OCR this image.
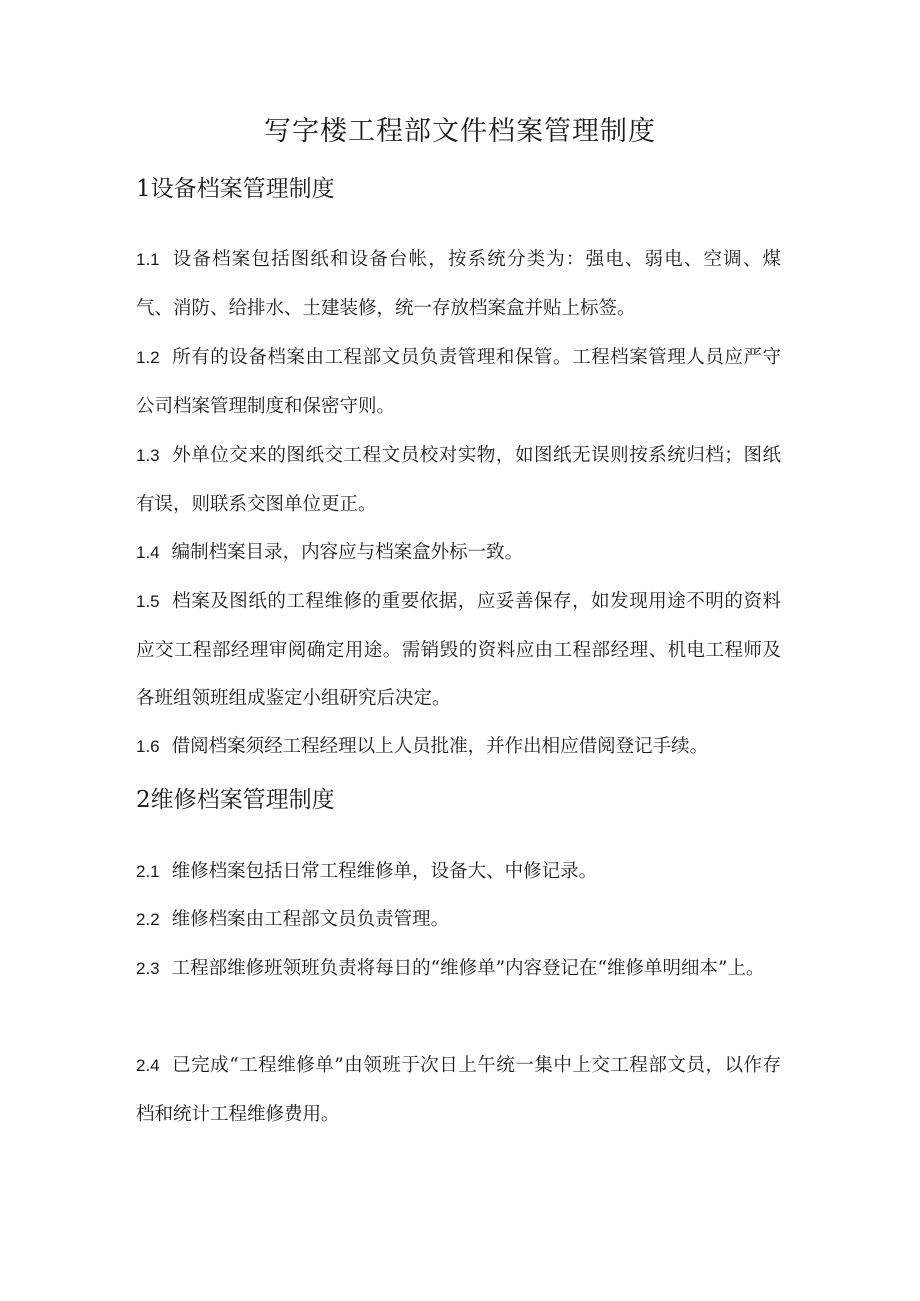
写字楼工程部文件档案管理制度
1设备档案管理制度

1.1 设备档案包括图纸和设备台帐，按系统分类为：强电、弱电、空调、煤气、消防、给排水、土建装修，统一存放档案盒并贴上标签。

1.2 所有的设备档案由工程部文员负责管理和保管。工程档案管理人员应严守公司档案管理制度和保密守则。

1.3 外单位交来的图纸交工程文员校对实物，如图纸无误则按系统归档；图纸有误，则联系交图单位更正。

1.4 编制档案目录，内容应与档案盒外标一致。

1.5 档案及图纸的工程维修的重要依据，应妥善保存，如发现用途不明的资料应交工程部经理审阅确定用途。需销毁的资料应由工程部经理、机电工程师及各班组领班组成鉴定小组研究后决定。

1.6 借阅档案须经工程经理以上人员批准，并作出相应借阅登记手续。

2维修档案管理制度

2.1 维修档案包括日常工程维修单，设备大、中修记录。

2.2 维修档案由工程部文员负责管理。

2.3 工程部维修班领班负责将每日的“维修单”内容登记在“维修单明细本”上。

2.4 已完成“工程维修单”由领班于次日上午统一集中上交工程部文员，以作存档和统计工程维修费用。
